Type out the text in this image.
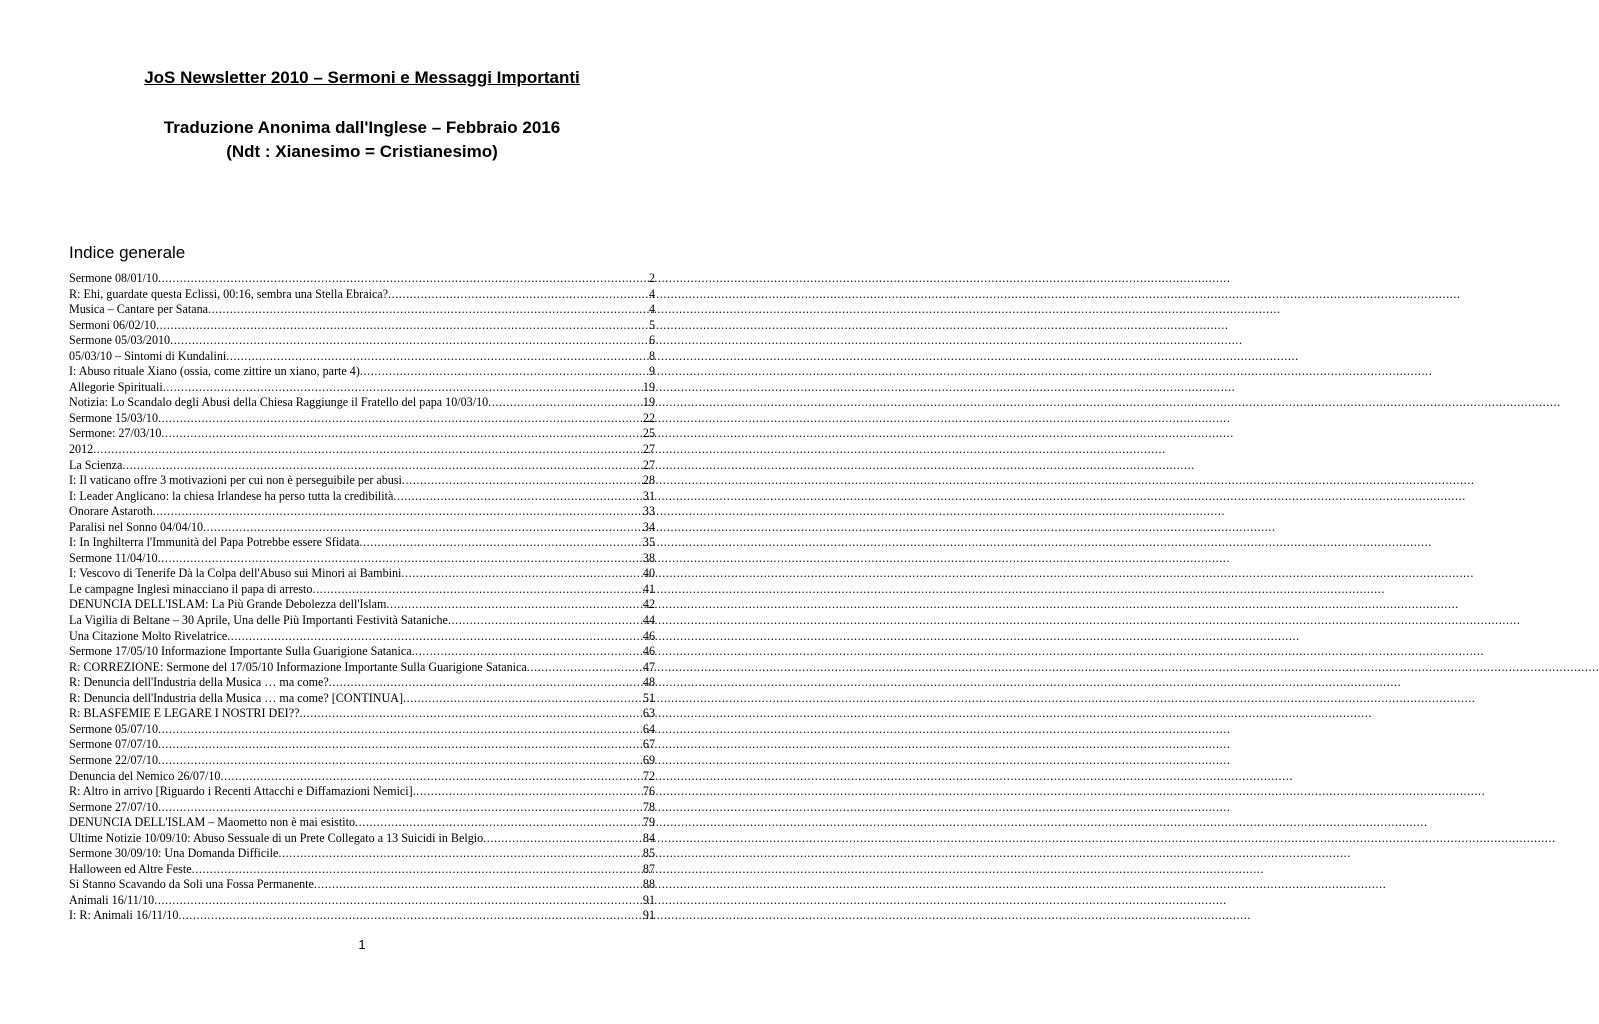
JoS Newsletter 2010 – Sermoni e Messaggi Importanti
Traduzione Anonima dall'Inglese – Febbraio 2016
(Ndt : Xianesimo = Cristianesimo)
Indice generale
Sermone 08/01/10 .....	2
R: Ehi, guardate questa Eclissi, 00:16, sembra una Stella Ebraica? .....	4
Musica – Cantare per Satana .....	4
Sermoni 06/02/10 .....	5
Sermone 05/03/2010 .....	6
05/03/10 – Sintomi di Kundalini .....	8
I: Abuso rituale Xiano (ossia, come zittire un xiano, parte 4) .....	9
Allegorie Spirituali .....	19
Notizia: Lo Scandalo degli Abusi della Chiesa Raggiunge il Fratello del papa 10/03/10 .....	19
Sermone 15/03/10 .....	22
Sermone: 27/03/10 .....	25
2012 .....	27
La Scienza .....	27
I: Il vaticano offre 3 motivazioni per cui non è perseguibile per abusi .....	28
I: Leader Anglicano: la chiesa Irlandese ha perso tutta la credibilità .....	31
Onorare Astaroth .....	33
Paralisi nel Sonno 04/04/10 .....	34
I: In Inghilterra l'Immunità del Papa Potrebbe essere Sfidata .....	35
Sermone 11/04/10 .....	38
I: Vescovo di Tenerife Dà la Colpa dell'Abuso sui Minori ai Bambini .....	40
Le campagne Inglesi minacciano il papa di arresto .....	41
DENUNCIA DELL'ISLAM: La Più Grande Debolezza dell'Islam .....	42
La Vigilia di Beltane – 30 Aprile, Una delle Più Importanti Festività Sataniche .....	44
Una Citazione Molto Rivelatrice .....	46
Sermone 17/05/10 Informazione Importante Sulla Guarigione Satanica .....	46
R: CORREZIONE: Sermone del 17/05/10 Informazione Importante Sulla Guarigione Satanica .....	47
R: Denuncia dell'Industria della Musica … ma come? .....	48
R: Denuncia dell'Industria della Musica … ma come? [CONTINUA] .....	51
R: BLASFEMIE E LEGARE I NOSTRI DEI?? .....	63
Sermone 05/07/10 .....	64
Sermone 07/07/10 .....	67
Sermone 22/07/10 .....	69
Denuncia del Nemico 26/07/10 .....	72
R: Altro in arrivo [Riguardo i Recenti Attacchi e Diffamazioni Nemici] .....	76
Sermone 27/07/10 .....	78
DENUNCIA DELL'ISLAM – Maometto non è mai esistito .....	79
Ultime Notizie 10/09/10: Abuso Sessuale di un Prete Collegato a 13 Suicidi in Belgio .....	84
Sermone 30/09/10: Una Domanda Difficile .....	85
Halloween ed Altre Feste .....	87
Si Stanno Scavando da Soli una Fossa Permanente .....	88
Animali 16/11/10 .....	91
I: R: Animali 16/11/10 .....	91
1
